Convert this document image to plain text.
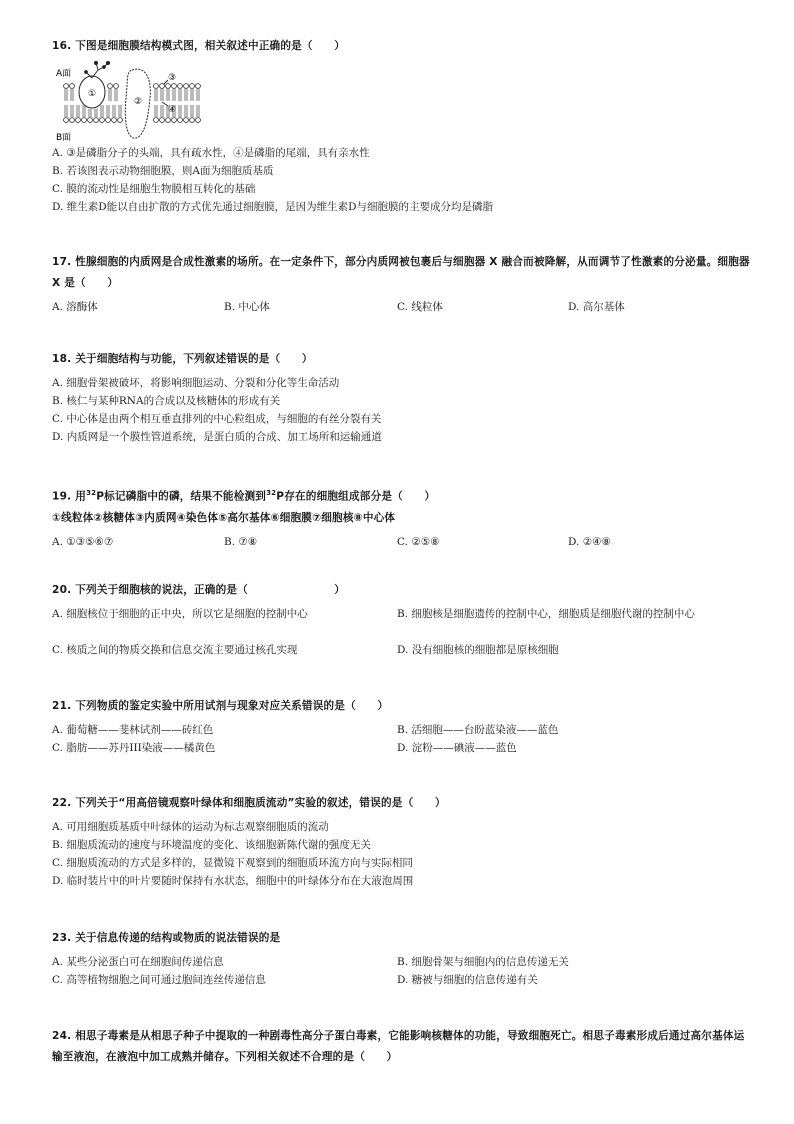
16. 下图是细胞膜结构模式图，相关叙述中正确的是（　　）
A面
B面
①
②
③
④
A. ③是磷脂分子的头端，具有疏水性，④是磷脂的尾端，具有亲水性
B. 若该图表示动物细胞膜，则A面为细胞质基质
C. 膜的流动性是细胞生物膜相互转化的基础
D. 维生素D能以自由扩散的方式优先通过细胞膜，是因为维生素D与细胞膜的主要成分均是磷脂
17. 性腺细胞的内质网是合成性激素的场所。在一定条件下，部分内质网被包裹后与细胞器 X 融合而被降解，从而调节了性激素的分泌量。细胞器 X 是（　　）
A. 溶酶体	B. 中心体	C. 线粒体	D. 高尔基体
18. 关于细胞结构与功能，下列叙述错误的是（　　）
A. 细胞骨架被破坏，将影响细胞运动、分裂和分化等生命活动
B. 核仁与某种RNA的合成以及核糖体的形成有关
C. 中心体是由两个相互垂直排列的中心粒组成，与细胞的有丝分裂有关
D. 内质网是一个膜性管道系统，是蛋白质的合成、加工场所和运输通道
19. 用$^{32}$P标记磷脂中的磷，结果不能检测到$^{32}$P存在的细胞组成部分是（　　）
①线粒体②核糖体③内质网④染色体⑤高尔基体⑥细胞膜⑦细胞核⑧中心体
A. ①③⑤⑥⑦	B. ⑦⑧	C. ②⑤⑧	D. ②④⑧
20. 下列关于细胞核的说法，正确的是（　　　　　　　　）
A. 细胞核位于细胞的正中央，所以它是细胞的控制中心	B. 细胞核是细胞遗传的控制中心，细胞质是细胞代谢的控制中心
C. 核质之间的物质交换和信息交流主要通过核孔实现	D. 没有细胞核的细胞都是原核细胞
21. 下列物质的鉴定实验中所用试剂与现象对应关系错误的是（　　）
A. 葡萄糖——斐林试剂——砖红色	B. 活细胞——台盼蓝染液——蓝色
C. 脂肪——苏丹III染液——橘黄色	D. 淀粉——碘液——蓝色
22. 下列关于“用高倍镜观察叶绿体和细胞质流动”实验的叙述，错误的是（　　）
A. 可用细胞质基质中叶绿体的运动为标志观察细胞质的流动
B. 细胞质流动的速度与环境温度的变化、该细胞新陈代谢的强度无关
C. 细胞质流动的方式是多样的，显微镜下观察到的细胞质环流方向与实际相同
D. 临时装片中的叶片要随时保持有水状态，细胞中的叶绿体分布在大液泡周围
23. 关于信息传递的结构或物质的说法错误的是
A. 某些分泌蛋白可在细胞间传递信息	B. 细胞骨架与细胞内的信息传递无关
C. 高等植物细胞之间可通过胞间连丝传递信息	D. 糖被与细胞的信息传递有关
24. 相思子毒素是从相思子种子中提取的一种剧毒性高分子蛋白毒素，它能影响核糖体的功能，导致细胞死亡。相思子毒素形成后通过高尔基体运输至液泡，在液泡中加工成熟并储存。下列相关叙述不合理的是（　　）
